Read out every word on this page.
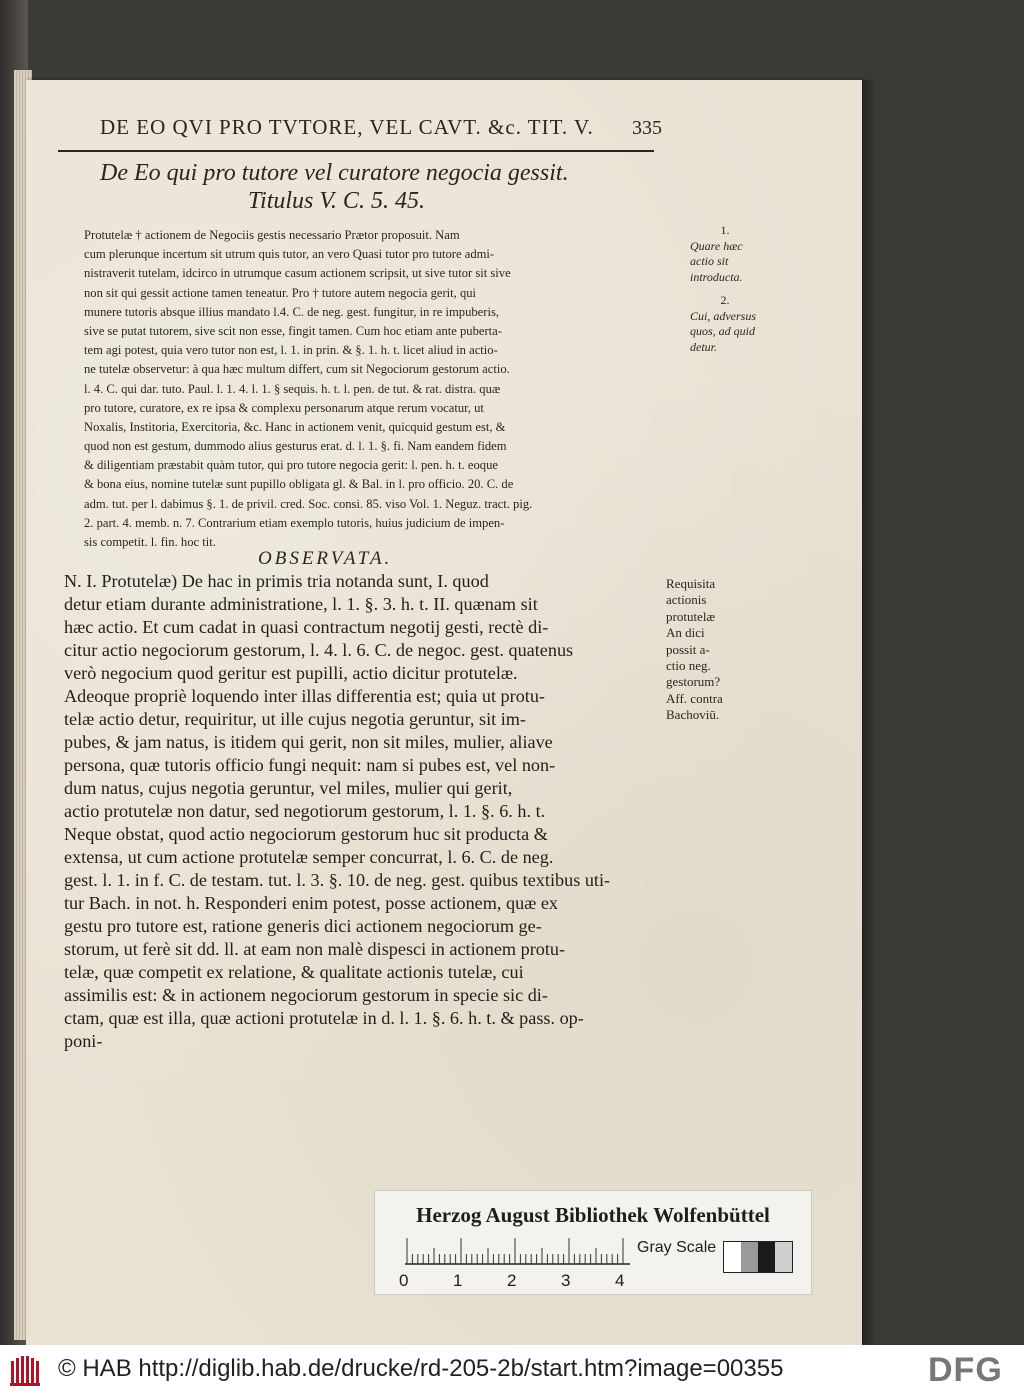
DE EO QVI PRO TVTORE, VEL CAVT. &c. TIT. V.	335
De Eo qui pro tutore vel curatore negocia gessit.
Titulus V. C. 5. 45.
Protutelæ † actionem de Negociis gestis necessario Prætor proposuit. Nam
cum plerunque incertum sit utrum quis tutor, an vero Quasi tutor pro tutore admi-
nistraverit tutelam, idcirco in utrumque casum actionem scripsit, ut sive tutor sit sive
non sit qui gessit actione tamen teneatur. Pro † tutore autem negocia gerit, qui
munere tutoris absque illius mandato l.4. C. de neg. gest. fungitur, in re impuberis,
sive se putat tutorem, sive scit non esse, fingit tamen. Cum hoc etiam ante puberta-
tem agi potest, quia vero tutor non est, l. 1. in prin. & §. 1. h. t. licet aliud in actio-
ne tutelæ observetur: à qua hæc multum differt, cum sit Negociorum gestorum actio.
l. 4. C. qui dar. tuto. Paul. l. 1. 4. l. 1. § sequis. h. t. l. pen. de tut. & rat. distra. quæ
pro tutore, curatore, ex re ipsa & complexu personarum atque rerum vocatur, ut
Noxalis, Institoria, Exercitoria, &c. Hanc in actionem venit, quicquid gestum est, &
quod non est gestum, dummodo alius gesturus erat. d. l. 1. §. fi. Nam eandem fidem
& diligentiam præstabit quàm tutor, qui pro tutore negocia gerit: l. pen. h. t. eoque
& bona eius, nomine tutelæ sunt pupillo obligata gl. & Bal. in l. pro officio. 20. C. de
adm. tut. per l. dabimus §. 1. de privil. cred. Soc. consi. 85. viso Vol. 1. Neguz. tract. pig.
2. part. 4. memb. n. 7. Contrarium etiam exemplo tutoris, huius judicium de impen-
sis competit. l. fin. hoc tit.
1.
Quare hæc actio sit introducta.
2.
Cui, adversus quos, ad quid detur.
OBSERVATA.
N. I. Protutelæ) De hac in primis tria notanda sunt, I. quod
detur etiam durante administratione, l. 1. §. 3. h. t. II. quænam sit
hæc actio. Et cum cadat in quasi contractum negotij gesti, rectè di-
citur actio negociorum gestorum, l. 4. l. 6. C. de negoc. gest. quatenus
verò negocium quod geritur est pupilli, actio dicitur protutelæ.
Adeoque propriè loquendo inter illas differentia est; quia ut protu-
telæ actio detur, requiritur, ut ille cujus negotia geruntur, sit im-
pubes, & jam natus, is itidem qui gerit, non sit miles, mulier, aliave
persona, quæ tutoris officio fungi nequit: nam si pubes est, vel non-
dum natus, cujus negotia geruntur, vel miles, mulier qui gerit,
actio protutelæ non datur, sed negotiorum gestorum, l. 1. §. 6. h. t.
Neque obstat, quod actio negociorum gestorum huc sit producta &
extensa, ut cum actione protutelæ semper concurrat, l. 6. C. de neg.
gest. l. 1. in f. C. de testam. tut. l. 3. §. 10. de neg. gest. quibus textibus uti-
tur Bach. in not. h. Responderi enim potest, posse actionem, quæ ex
gestu pro tutore est, ratione generis dici actionem negociorum ge-
storum, ut ferè sit dd. ll. at eam non malè dispesci in actionem protu-
telæ, quæ competit ex relatione, & qualitate actionis tutelæ, cui
assimilis est: & in actionem negociorum gestorum in specie sic di-
ctam, quæ est illa, quæ actioni protutelæ in d. l. 1. §. 6. h. t. & pass. op-
poni-
Requisita
actionis
protutelæ
An dici
possit a-
ctio neg.
gestorum?
Aff. contra
Bachoviū.
Herzog August Bibliothek Wolfenbüttel
Gray Scale
0	1	2	3	4
© HAB http://diglib.hab.de/drucke/rd-205-2b/start.htm?image=00355	DFG
